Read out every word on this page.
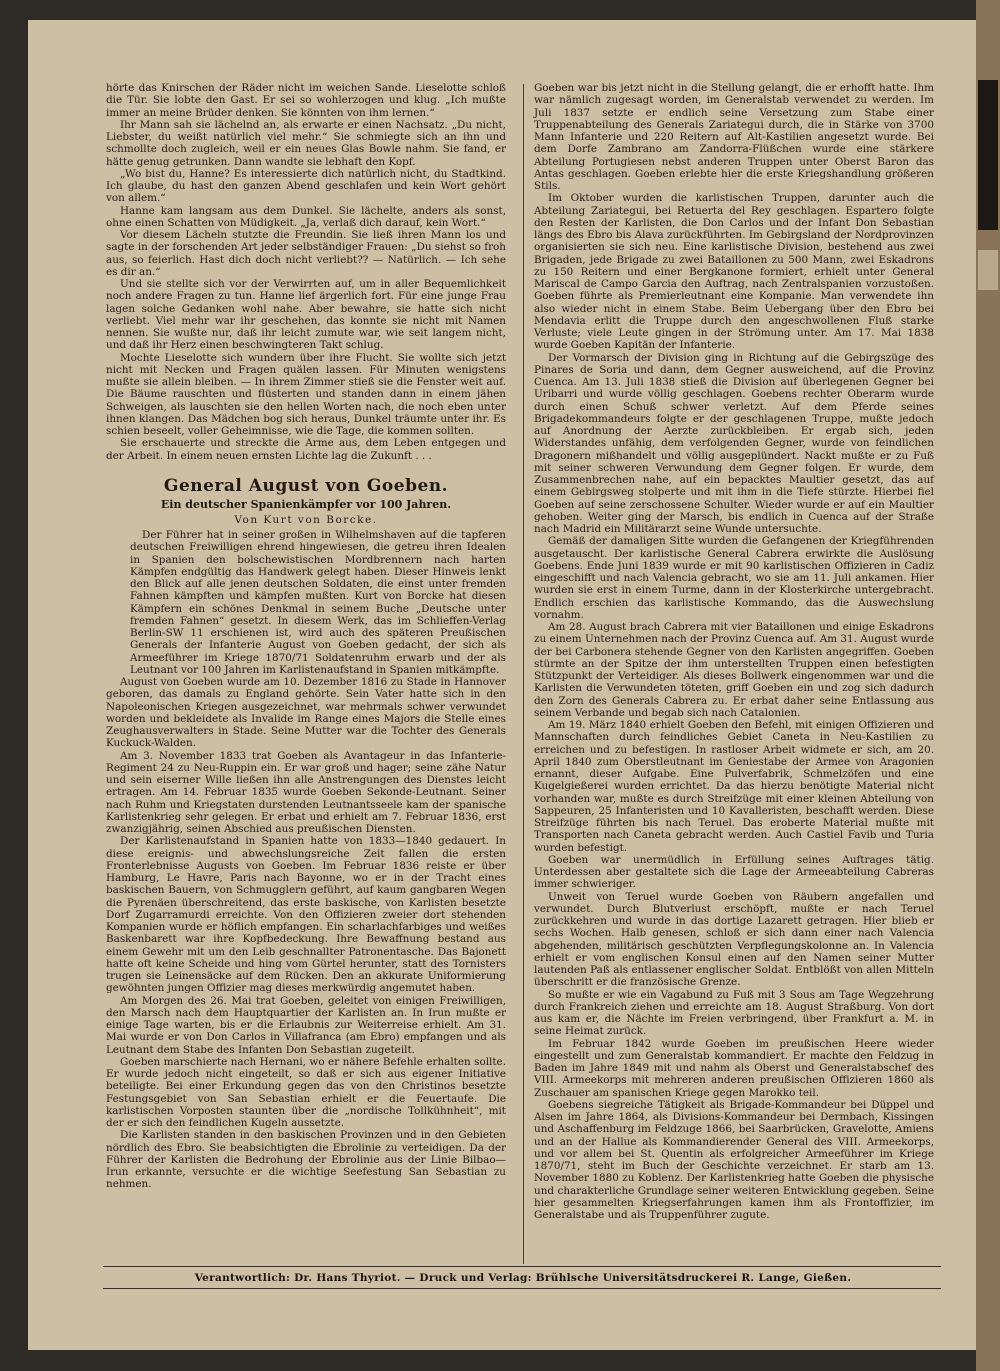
hörte das Knirschen der Räder nicht im weichen Sande. Lieselotte schloß die Tür. Sie lobte den Gast. Er sei so wohlerzogen und klug. „Ich mußte immer an meine Brüder denken. Sie könnten von ihm lernen.“

Ihr Mann sah sie lächelnd an, als erwarte er einen Nachsatz. „Du nicht, Liebster, du weißt natürlich viel mehr.“ Sie schmiegte sich an ihn und schmollte doch zugleich, weil er ein neues Glas Bowle nahm. Sie fand, er hätte genug getrunken. Dann wandte sie lebhaft den Kopf.

„Wo bist du, Hanne? Es interessierte dich natürlich nicht, du Stadtkind. Ich glaube, du hast den ganzen Abend geschlafen und kein Wort gehört von allem.“

Hanne kam langsam aus dem Dunkel. Sie lächelte, anders als sonst, ohne einen Schatten von Müdigkeit. „Ja, verlaß dich darauf, kein Wort.“

Vor diesem Lächeln stutzte die Freundin. Sie ließ ihren Mann los und sagte in der forschenden Art jeder selbständiger Frauen: „Du siehst so froh aus, so feierlich. Hast dich doch nicht verliebt?? — Natürlich. — Ich sehe es dir an.“

Und sie stellte sich vor der Verwirrten auf, um in aller Bequemlichkeit noch andere Fragen zu tun. Hanne lief ärgerlich fort. Für eine junge Frau lagen solche Gedanken wohl nahe. Aber bewahre, sie hatte sich nicht verliebt. Viel mehr war ihr geschehen, das konnte sie nicht mit Namen nennen. Sie wußte nur, daß ihr leicht zumute war, wie seit langem nicht, und daß ihr Herz einen beschwingteren Takt schlug.

Mochte Lieselotte sich wundern über ihre Flucht. Sie wollte sich jetzt nicht mit Necken und Fragen quälen lassen. Für Minuten wenigstens mußte sie allein bleiben. — In ihrem Zimmer stieß sie die Fenster weit auf. Die Bäume rauschten und flüsterten und standen dann in einem jähen Schweigen, als lauschten sie den hellen Worten nach, die noch eben unter ihnen klangen. Das Mädchen bog sich heraus, Dunkel träumte unter ihr. Es schien beseelt, voller Geheimnisse, wie die Tage, die kommen sollten.

Sie erschauerte und streckte die Arme aus, dem Leben entgegen und der Arbeit. In einem neuen ernsten Lichte lag die Zukunft . . .

General August von Goeben.
Ein deutscher Spanienkämpfer vor 100 Jahren.
Von Kurt von Borcke.

Der Führer hat in seiner großen in Wilhelmshaven auf die tapferen deutschen Freiwilligen ehrend hingewiesen, die getreu ihren Idealen in Spanien den bolschewistischen Mordbrennern nach harten Kämpfen endgültig das Handwerk gelegt haben. Dieser Hinweis lenkt den Blick auf alle jenen deutschen Soldaten, die einst unter fremden Fahnen kämpften und kämpfen mußten. Kurt von Borcke hat diesen Kämpfern ein schönes Denkmal in seinem Buche „Deutsche unter fremden Fahnen“ gesetzt. In diesem Werk, das im Schlieffen-Verlag Berlin-SW 11 erschienen ist, wird auch des späteren Preußischen Generals der Infanterie August von Goeben gedacht, der sich als Armeeführer im Kriege 1870/71 Soldatenruhm erwarb und der als Leutnant vor 100 Jahren im Karlistenaufstand in Spanien mitkämpfte.

August von Goeben wurde am 10. Dezember 1816 zu Stade in Hannover geboren, das damals zu England gehörte. Sein Vater hatte sich in den Napoleonischen Kriegen ausgezeichnet, war mehrmals schwer verwundet worden und bekleidete als Invalide im Range eines Majors die Stelle eines Zeughausverwalters in Stade. Seine Mutter war die Tochter des Generals Kuckuck-Walden.

Am 3. November 1833 trat Goeben als Avantageur in das Infanterie-Regiment 24 zu Neu-Ruppin ein. Er war groß und hager; seine zähe Natur und sein eiserner Wille ließen ihn alle Anstrengungen des Dienstes leicht ertragen. Am 14. Februar 1835 wurde Goeben Sekonde-Leutnant. Seiner nach Ruhm und Kriegstaten durstenden Leutnantsseele kam der spanische Karlistenkrieg sehr gelegen. Er erbat und erhielt am 7. Februar 1836, erst zwanzigjährig, seinen Abschied aus preußischen Diensten.

Der Karlistenaufstand in Spanien hatte von 1833—1840 gedauert. In diese ereignis- und abwechslungsreiche Zeit fallen die ersten Fronterlebnisse Augusts von Goeben. Im Februar 1836 reiste er über Hamburg, Le Havre, Paris nach Bayonne, wo er in der Tracht eines baskischen Bauern, von Schmugglern geführt, auf kaum gangbaren Wegen die Pyrenäen überschreitend, das erste baskische, von Karlisten besetzte Dorf Zugarramurdi erreichte. Von den Offizieren zweier dort stehenden Kompanien wurde er höflich empfangen. Ein scharlachfarbiges und weißes Baskenbarett war ihre Kopfbedeckung. Ihre Bewaffnung bestand aus einem Gewehr mit um den Leib geschnallter Patronentasche. Das Bajonett hatte oft keine Scheide und hing vom Gürtel herunter, statt des Tornisters trugen sie Leinensäcke auf dem Rücken. Den an akkurate Uniformierung gewöhnten jungen Offizier mag dieses merkwürdig angemutet haben.

Am Morgen des 26. Mai trat Goeben, geleitet von einigen Freiwilligen, den Marsch nach dem Hauptquartier der Karlisten an. In Irun mußte er einige Tage warten, bis er die Erlaubnis zur Weiterreise erhielt. Am 31. Mai wurde er von Don Carlos in Villafranca (am Ebro) empfangen und als Leutnant dem Stabe des Infanten Don Sebastian zugeteilt.

Goeben marschierte nach Hernani, wo er nähere Befehle erhalten sollte. Er wurde jedoch nicht eingeteilt, so daß er sich aus eigener Initiative beteiligte. Bei einer Erkundung gegen das von den Christinos besetzte Festungsgebiet von San Sebastian erhielt er die Feuertaufe. Die karlistischen Vorposten staunten über die „nordische Tollkühnheit“, mit der er sich den feindlichen Kugeln aussetzte.

Die Karlisten standen in den baskischen Provinzen und in den Gebieten nördlich des Ebro. Sie beabsichtigten die Ebrolinie zu verteidigen. Da der Führer der Karlisten die Bedrohung der Ebrolinie aus der Linie Bilbao—Irun erkannte, versuchte er die wichtige Seefestung San Sebastian zu nehmen.

Goeben war bis jetzt nicht in die Stellung gelangt, die er erhofft hatte. Ihm war nämlich zugesagt worden, im Generalstab verwendet zu werden. Im Juli 1837 setzte er endlich seine Versetzung zum Stabe einer Truppenabteilung des Generals Zariategui durch, die in Stärke von 3700 Mann Infanterie und 220 Reitern auf Alt-Kastilien angesetzt wurde. Bei dem Dorfe Zambrano am Zandorra-Flüßchen wurde eine stärkere Abteilung Portugiesen nebst anderen Truppen unter Oberst Baron das Antas geschlagen. Goeben erlebte hier die erste Kriegshandlung größeren Stils.

Im Oktober wurden die karlistischen Truppen, darunter auch die Abteilung Zariategui, bei Retuerta del Rey geschlagen. Espartero folgte den Resten der Karlisten, die Don Carlos und der Infant Don Sebastian längs des Ebro bis Alava zurückführten. Im Gebirgsland der Nordprovinzen organisierten sie sich neu. Eine karlistische Division, bestehend aus zwei Brigaden, jede Brigade zu zwei Bataillonen zu 500 Mann, zwei Eskadrons zu 150 Reitern und einer Bergkanone formiert, erhielt unter General Mariscal de Campo Garcia den Auftrag, nach Zentralspanien vorzustoßen. Goeben führte als Premierleutnant eine Kompanie. Man verwendete ihn also wieder nicht in einem Stabe. Beim Uebergang über den Ebro bei Mendavia erlitt die Truppe durch den angeschwollenen Fluß starke Verluste; viele Leute gingen in der Strömung unter. Am 17. Mai 1838 wurde Goeben Kapitän der Infanterie.

Der Vormarsch der Division ging in Richtung auf die Gebirgszüge des Pinares de Soria und dann, dem Gegner ausweichend, auf die Provinz Cuenca. Am 13. Juli 1838 stieß die Division auf überlegenen Gegner bei Uribarri und wurde völlig geschlagen. Goebens rechter Oberarm wurde durch einen Schuß schwer verletzt. Auf dem Pferde seines Brigadekommandeurs folgte er der geschlagenen Truppe, mußte jedoch auf Anordnung der Aerzte zurückbleiben. Er ergab sich, jeden Widerstandes unfähig, dem verfolgenden Gegner, wurde von feindlichen Dragonern mißhandelt und völlig ausgeplündert. Nackt mußte er zu Fuß mit seiner schweren Verwundung dem Gegner folgen. Er wurde, dem Zusammenbrechen nahe, auf ein bepacktes Maultier gesetzt, das auf einem Gebirgsweg stolperte und mit ihm in die Tiefe stürzte. Hierbei fiel Goeben auf seine zerschossene Schulter. Wieder wurde er auf ein Maultier gehoben. Weiter ging der Marsch, bis endlich in Cuenca auf der Straße nach Madrid ein Militärarzt seine Wunde untersuchte.

Gemäß der damaligen Sitte wurden die Gefangenen der Kriegführenden ausgetauscht. Der karlistische General Cabrera erwirkte die Auslösung Goebens. Ende Juni 1839 wurde er mit 90 karlistischen Offizieren in Cadiz eingeschifft und nach Valencia gebracht, wo sie am 11. Juli ankamen. Hier wurden sie erst in einem Turme, dann in der Klosterkirche untergebracht. Endlich erschien das karlistische Kommando, das die Auswechslung vornahm.

Am 28. August brach Cabrera mit vier Bataillonen und einige Eskadrons zu einem Unternehmen nach der Provinz Cuenca auf. Am 31. August wurde der bei Carbonera stehende Gegner von den Karlisten angegriffen. Goeben stürmte an der Spitze der ihm unterstellten Truppen einen befestigten Stützpunkt der Verteidiger. Als dieses Bollwerk eingenommen war und die Karlisten die Verwundeten töteten, griff Goeben ein und zog sich dadurch den Zorn des Generals Cabrera zu. Er erbat daher seine Entlassung aus seinem Verbande und begab sich nach Catalonien.

Am 19. März 1840 erhielt Goeben den Befehl, mit einigen Offizieren und Mannschaften durch feindliches Gebiet Caneta in Neu-Kastilien zu erreichen und zu befestigen. In rastloser Arbeit widmete er sich, am 20. April 1840 zum Oberstleutnant im Geniestabe der Armee von Aragonien ernannt, dieser Aufgabe. Eine Pulverfabrik, Schmelzöfen und eine Kugelgießerei wurden errichtet. Da das hierzu benötigte Material nicht vorhanden war, mußte es durch Streifzüge mit einer kleinen Abteilung von Sappeuren, 25 Infanteristen und 10 Kavalleristen, beschafft werden. Diese Streifzüge führten bis nach Teruel. Das eroberte Material mußte mit Transporten nach Caneta gebracht werden. Auch Castiel Favib und Turia wurden befestigt.

Goeben war unermüdlich in Erfüllung seines Auftrages tätig. Unterdessen aber gestaltete sich die Lage der Armeeabteilung Cabreras immer schwieriger.

Unweit von Teruel wurde Goeben von Räubern angefallen und verwundet. Durch Blutverlust erschöpft, mußte er nach Teruel zurückkehren und wurde in das dortige Lazarett getragen. Hier blieb er sechs Wochen. Halb genesen, schloß er sich dann einer nach Valencia abgehenden, militärisch geschützten Verpflegungskolonne an. In Valencia erhielt er vom englischen Konsul einen auf den Namen seiner Mutter lautenden Paß als entlassener englischer Soldat. Entblößt von allen Mitteln überschritt er die französische Grenze.

So mußte er wie ein Vagabund zu Fuß mit 3 Sous am Tage Wegzehrung durch Frankreich ziehen und erreichte am 18. August Straßburg. Von dort aus kam er, die Nächte im Freien verbringend, über Frankfurt a. M. in seine Heimat zurück.

Im Februar 1842 wurde Goeben im preußischen Heere wieder eingestellt und zum Generalstab kommandiert. Er machte den Feldzug in Baden im Jahre 1849 mit und nahm als Oberst und Generalstabschef des VIII. Armeekorps mit mehreren anderen preußischen Offizieren 1860 als Zuschauer am spanischen Kriege gegen Marokko teil.

Goebens siegreiche Tätigkeit als Brigade-Kommandeur bei Düppel und Alsen im Jahre 1864, als Divisions-Kommandeur bei Dermbach, Kissingen und Aschaffenburg im Feldzuge 1866, bei Saarbrücken, Gravelotte, Amiens und an der Hallue als Kommandierender General des VIII. Armeekorps, und vor allem bei St. Quentin als erfolgreicher Armeeführer im Kriege 1870/71, steht im Buch der Geschichte verzeichnet. Er starb am 13. November 1880 zu Koblenz. Der Karlistenkrieg hatte Goeben die physische und charakterliche Grundlage seiner weiteren Entwicklung gegeben. Seine hier gesammelten Kriegserfahrungen kamen ihm als Frontoffizier, im Generalstabe und als Truppenführer zugute.

Verantwortlich: Dr. Hans Thyriot. — Druck und Verlag: Brühlsche Universitätsdruckerei R. Lange, Gießen.
